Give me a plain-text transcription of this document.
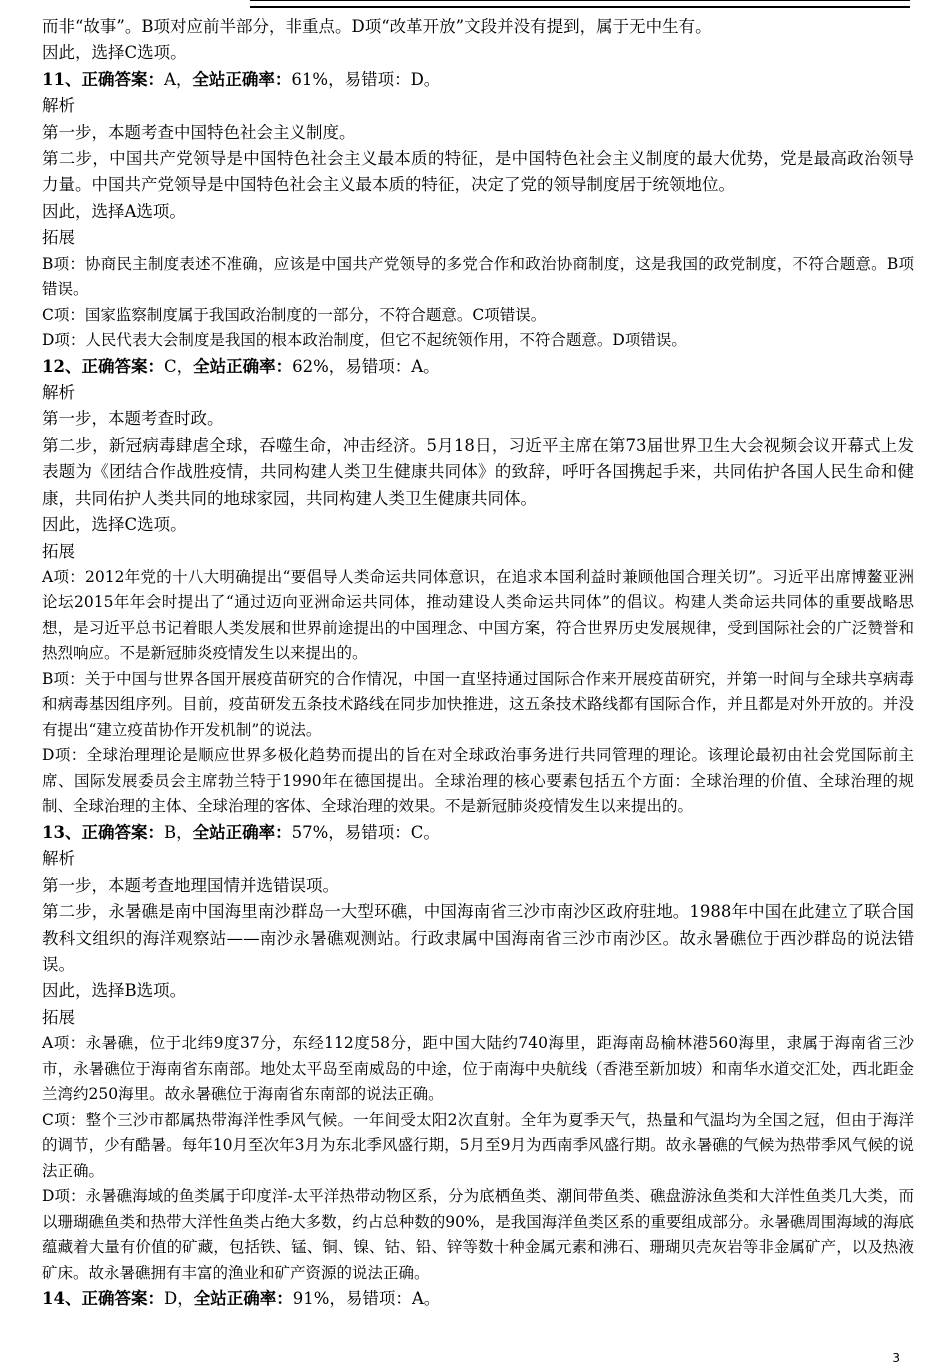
而非“故事”。B项对应前半部分，非重点。D项“改革开放”文段并没有提到，属于无中生有。
因此，选择C选项。
11、正确答案：A，全站正确率：61%，易错项：D。
解析
第一步，本题考查中国特色社会主义制度。
第二步，中国共产党领导是中国特色社会主义最本质的特征，是中国特色社会主义制度的最大优势，党是最高政治领导力量。中国共产党领导是中国特色社会主义最本质的特征，决定了党的领导制度居于统领地位。
因此，选择A选项。
拓展
B项：协商民主制度表述不准确，应该是中国共产党领导的多党合作和政治协商制度，这是我国的政党制度，不符合题意。B项错误。
C项：国家监察制度属于我国政治制度的一部分，不符合题意。C项错误。
D项：人民代表大会制度是我国的根本政治制度，但它不起统领作用，不符合题意。D项错误。
12、正确答案：C，全站正确率：62%，易错项：A。
解析
第一步，本题考查时政。
第二步，新冠病毒肆虐全球，吞噬生命，冲击经济。5月18日，习近平主席在第73届世界卫生大会视频会议开幕式上发表题为《团结合作战胜疫情，共同构建人类卫生健康共同体》的致辞，呼吁各国携起手来，共同佑护各国人民生命和健康，共同佑护人类共同的地球家园，共同构建人类卫生健康共同体。
因此，选择C选项。
拓展
A项：2012年党的十八大明确提出“要倡导人类命运共同体意识，在追求本国利益时兼顾他国合理关切”。习近平出席博鳌亚洲论坛2015年年会时提出了“通过迈向亚洲命运共同体，推动建设人类命运共同体”的倡议。构建人类命运共同体的重要战略思想，是习近平总书记着眼人类发展和世界前途提出的中国理念、中国方案，符合世界历史发展规律，受到国际社会的广泛赞誉和热烈响应。不是新冠肺炎疫情发生以来提出的。
B项：关于中国与世界各国开展疫苗研究的合作情况，中国一直坚持通过国际合作来开展疫苗研究，并第一时间与全球共享病毒和病毒基因组序列。目前，疫苗研发五条技术路线在同步加快推进，这五条技术路线都有国际合作，并且都是对外开放的。并没有提出“建立疫苗协作开发机制”的说法。
D项：全球治理理论是顺应世界多极化趋势而提出的旨在对全球政治事务进行共同管理的理论。该理论最初由社会党国际前主席、国际发展委员会主席勃兰特于1990年在德国提出。全球治理的核心要素包括五个方面：全球治理的价值、全球治理的规制、全球治理的主体、全球治理的客体、全球治理的效果。不是新冠肺炎疫情发生以来提出的。
13、正确答案：B，全站正确率：57%，易错项：C。
解析
第一步，本题考查地理国情并选错误项。
第二步，永暑礁是南中国海里南沙群岛一大型环礁，中国海南省三沙市南沙区政府驻地。1988年中国在此建立了联合国教科文组织的海洋观察站——南沙永暑礁观测站。行政隶属中国海南省三沙市南沙区。故永暑礁位于西沙群岛的说法错误。
因此，选择B选项。
拓展
A项：永暑礁，位于北纬9度37分，东经112度58分，距中国大陆约740海里，距海南岛榆林港560海里，隶属于海南省三沙市，永暑礁位于海南省东南部。地处太平岛至南威岛的中途，位于南海中央航线（香港至新加坡）和南华水道交汇处，西北距金兰湾约250海里。故永暑礁位于海南省东南部的说法正确。
C项：整个三沙市都属热带海洋性季风气候。一年间受太阳2次直射。全年为夏季天气，热量和气温均为全国之冠，但由于海洋的调节，少有酷暑。每年10月至次年3月为东北季风盛行期，5月至9月为西南季风盛行期。故永暑礁的气候为热带季风气候的说法正确。
D项：永暑礁海域的鱼类属于印度洋-太平洋热带动物区系，分为底栖鱼类、潮间带鱼类、礁盘游泳鱼类和大洋性鱼类几大类，而以珊瑚礁鱼类和热带大洋性鱼类占绝大多数，约占总种数的90%，是我国海洋鱼类区系的重要组成部分。永暑礁周围海域的海底蕴藏着大量有价值的矿藏，包括铁、锰、铜、镍、钴、铅、锌等数十种金属元素和沸石、珊瑚贝壳灰岩等非金属矿产，以及热液矿床。故永暑礁拥有丰富的渔业和矿产资源的说法正确。
14、正确答案：D，全站正确率：91%，易错项：A。
3
